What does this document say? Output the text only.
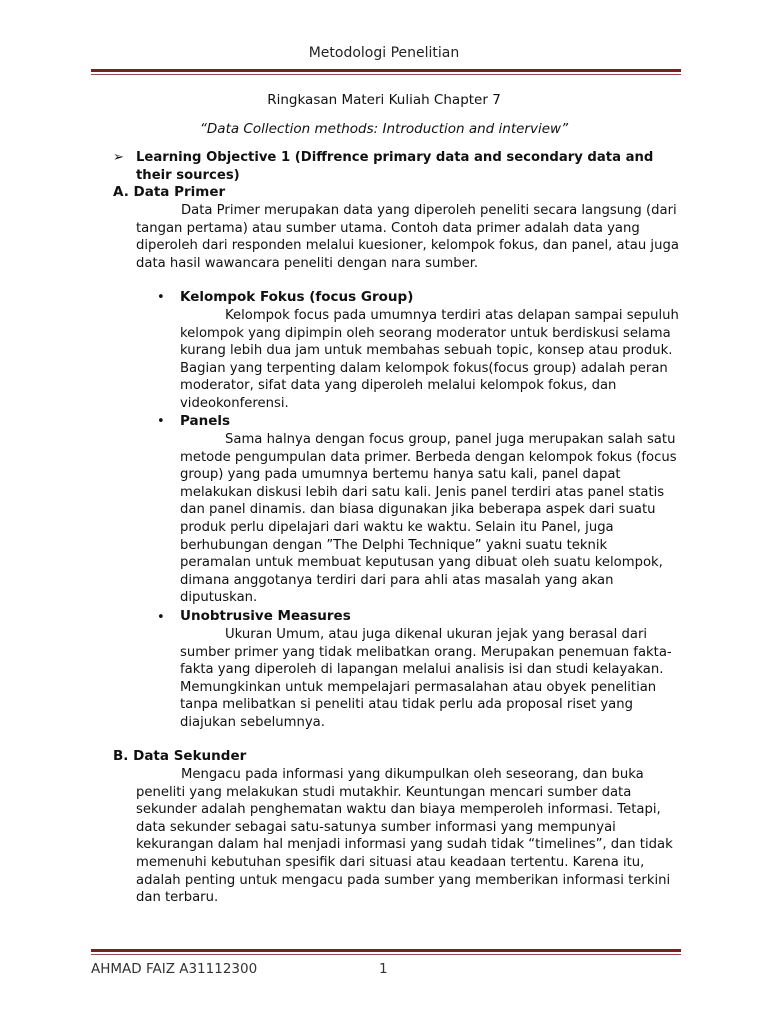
Metodologi Penelitian
Ringkasan Materi Kuliah Chapter 7
“Data Collection methods: Introduction and interview”
➢ Learning Objective 1 (Diffrence primary data and secondary data and their sources)
A. Data Primer
Data Primer merupakan data yang diperoleh peneliti secara langsung (dari tangan pertama) atau sumber utama. Contoh data primer adalah data yang diperoleh dari responden melalui kuesioner, kelompok fokus, dan panel, atau juga data hasil wawancara peneliti dengan nara sumber.
• Kelompok Fokus (focus Group)
Kelompok focus pada umumnya terdiri atas delapan sampai sepuluh kelompok yang dipimpin oleh seorang moderator untuk berdiskusi selama kurang lebih dua jam untuk membahas sebuah topic, konsep atau produk. Bagian yang terpenting dalam kelompok fokus(focus group) adalah peran moderator, sifat data yang diperoleh melalui kelompok fokus, dan videokonferensi.
• Panels
Sama halnya dengan focus group, panel juga merupakan salah satu metode pengumpulan data primer. Berbeda dengan kelompok fokus (focus group) yang pada umumnya bertemu hanya satu kali, panel dapat melakukan diskusi lebih dari satu kali. Jenis panel terdiri atas panel statis dan panel dinamis. dan biasa digunakan jika beberapa aspek dari suatu produk perlu dipelajari dari waktu ke waktu. Selain itu Panel, juga berhubungan dengan ”The Delphi Technique” yakni suatu teknik peramalan untuk membuat keputusan yang dibuat oleh suatu kelompok, dimana anggotanya terdiri dari para ahli atas masalah yang akan diputuskan.
• Unobtrusive Measures
Ukuran Umum, atau juga dikenal ukuran jejak yang berasal dari sumber primer yang tidak melibatkan orang. Merupakan penemuan fakta-fakta yang diperoleh di lapangan melalui analisis isi dan studi kelayakan. Memungkinkan untuk mempelajari permasalahan atau obyek penelitian tanpa melibatkan si peneliti atau tidak perlu ada proposal riset yang diajukan sebelumnya.
B. Data Sekunder
Mengacu pada informasi yang dikumpulkan oleh seseorang, dan buka peneliti yang melakukan studi mutakhir. Keuntungan mencari sumber data sekunder adalah penghematan waktu dan biaya memperoleh informasi. Tetapi, data sekunder sebagai satu-satunya sumber informasi yang mempunyai kekurangan dalam hal menjadi informasi yang sudah tidak “timelines”, dan tidak memenuhi kebutuhan spesifik dari situasi atau keadaan tertentu. Karena itu, adalah penting untuk mengacu pada sumber yang memberikan informasi terkini dan terbaru.
AHMAD FAIZ A31112300	1
